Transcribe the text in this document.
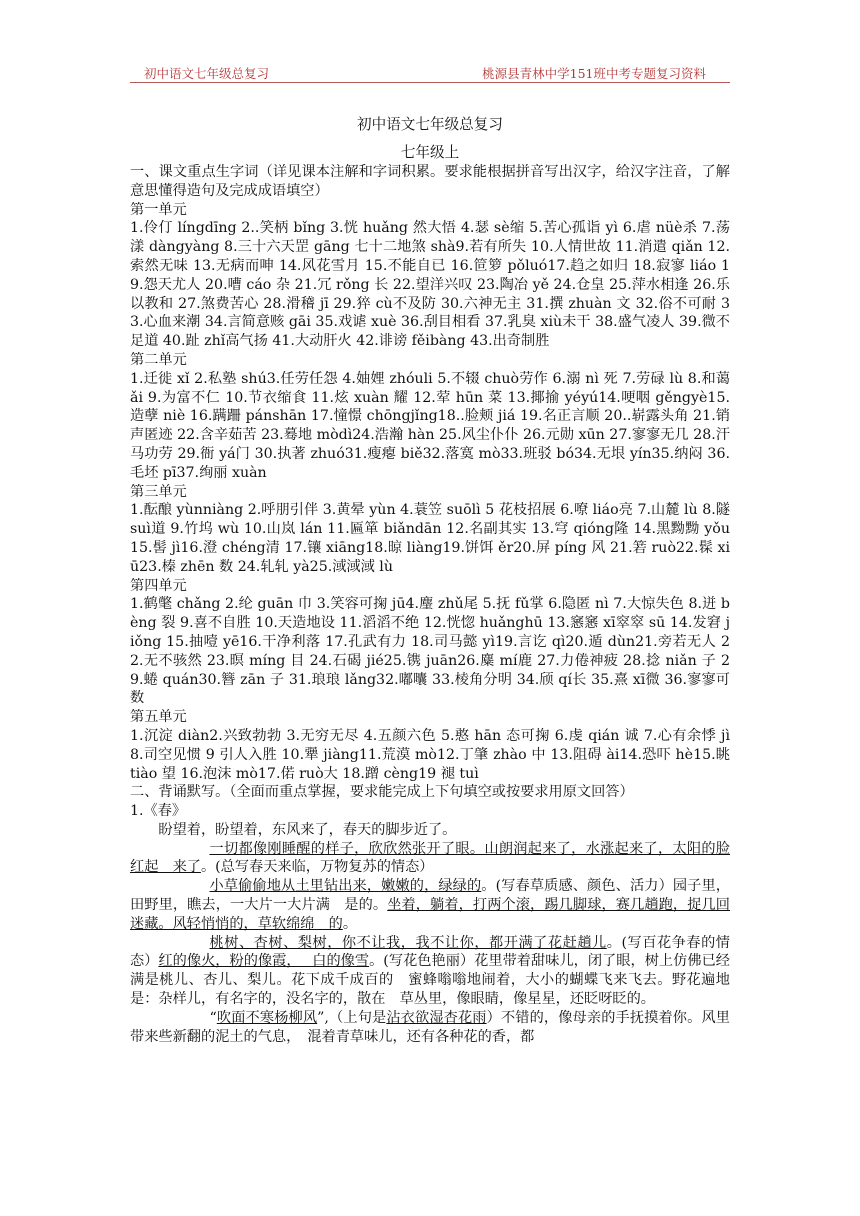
初中语文七年级总复习	桃源县青林中学151班中考专题复习资料
初中语文七年级总复习
七年级上

一、课文重点生字词（详见课本注解和字词积累。要求能根据拼音写出汉字，给汉字注音，了解意思懂得造句及完成成语填空）

第一单元

1.伶仃 língdīng 2..笑柄 bǐng 3.恍 huǎng 然大悟 4.瑟 sè缩 5.苦心孤诣 yì 6.虐 nüè杀 7.荡漾 dàngyàng 8.三十六天罡 gāng 七十二地煞 shà9.若有所失 10.人情世故 11.消遣 qiǎn 12.索然无味 13.无病而呻 14.风花雪月 15.不能自已 16.笸箩 pǒluó17.趋之如归 18.寂寥 liáo 19.怨天尤人 20.嘈 cáo 杂 21.冗 rǒng 长 22.望洋兴叹 23.陶冶 yě 24.仓皇 25.萍水相逢 26.乐以教和 27.煞费苦心 28.滑稽 jī 29.猝 cù不及防 30.六神无主 31.撰 zhuàn 文 32.俗不可耐 33.心血来潮 34.言简意赅 gāi 35.戏谑 xuè 36.刮目相看 37.乳臭 xiù未干 38.盛气凌人 39.微不足道 40.趾 zhǐ高气扬 41.大动肝火 42.诽谤 fěibàng 43.出奇制胜

第二单元

1.迁徙 xǐ 2.私塾 shú3.任劳任怨 4.妯娌 zhóuli 5.不辍 chuò劳作 6.溺 nì 死 7.劳碌 lù 8.和蔼 ǎi 9.为富不仁 10.节衣缩食 11.炫 xuàn 耀 12.荤 hūn 菜 13.揶揄 yéyú14.哽咽 gěngyè15.造孽 niè 16.蹒跚 pánshān 17.憧憬 chōngjǐng18..脸颊 jiá 19.名正言顺 20..崭露头角 21.销声匿迹 22.含辛茹苦 23.蓦地 mòdì24.浩瀚 hàn 25.风尘仆仆 26.元勋 xūn 27.寥寥无几 28.汗马功劳 29.衙 yá门 30.执著 zhuó31.瘦瘪 biě32.落寞 mò33.班驳 bó34.无垠 yín35.纳闷 36.毛坯 pī37.绚丽 xuàn

第三单元

1.酝酿 yùnniàng 2.呼朋引伴 3.黄晕 yùn 4.蓑笠 suōlì 5 花枝招展 6.嘹 liáo亮 7.山麓 lù 8.隧 suì道 9.竹坞 wù 10.山岚 lán 11.匾箪 biǎndān 12.名副其实 13.穹 qióng隆 14.黑黝黝 yǒu 15.髻 jì16.澄 chéng清 17.镶 xiāng18.晾 liàng19.饼饵 ěr20.屏 píng 风 21.箬 ruò22.髹 xiū23.榛 zhēn 数 24.轧轧 yà25.淢淢淢 lù

第四单元

1.鹤氅 chǎng 2.纶 guān 巾 3.笑容可掬 jū4.麈 zhǔ尾 5.抚 fǔ掌 6.隐匿 nì 7.大惊失色 8.迸 bèng 裂 9.喜不自胜 10.天造地设 11.滔滔不绝 12.恍惚 huǎnghū 13.窸窸 xī窣窣 sū 14.发窘 jiǒng 15.抽噎 yē16.干净利落 17.孔武有力 18.司马懿 yì19.言讫 qì20.遁 dùn21.旁若无人 22.无不骇然 23.暝 míng 目 24.石碣 jié25.镌 juān26.麋 mí鹿 27.力倦神疲 28.捻 niǎn 子 29.蜷 quán30.簪 zān 子 31.琅琅 lǎng32.嘟囔 33.棱角分明 34.颀 qí长 35.熹 xī微 36.寥寥可数

第五单元

1.沉淀 diàn2.兴致勃勃 3.无穷无尽 4.五颜六色 5.憨 hān 态可掬 6.虔 qián 诚 7.心有余悸 jì 8.司空见惯 9 引人入胜 10.犟 jiàng11.荒漠 mò12.丁肇 zhào 中 13.阻碍 ài14.恐吓 hè15.眺 tiào 望 16.泡沫 mò17.偌 ruò大 18.蹭 cèng19 褪 tuì

二、背诵默写。（全面而重点掌握，要求能完成上下句填空或按要求用原文回答）

1.《春》

盼望着，盼望着，东风来了，春天的脚步近了。

一切都像刚睡醒的样子，欣欣然张开了眼。山朗润起来了，水涨起来了，太阳的脸红起　来了。(总写春天来临，万物复苏的情态）

小草偷偷地从土里钻出来，嫩嫩的，绿绿的。(写春草质感、颜色、活力）园子里，田野里，瞧去，一大片一大片满　是的。坐着，躺着，打两个滚，踢几脚球，赛几趟跑，捉几回迷藏。风轻悄悄的，草软绵绵　的。

桃树、杏树、梨树，你不让我，我不让你，都开满了花赶趟儿。(写百花争春的情态）红的像火，粉的像霞，　 白的像雪。(写花色艳丽）花里带着甜味儿，闭了眼，树上仿佛已经满是桃儿、杏儿、梨儿。花下成千成百的　蜜蜂嗡嗡地闹着，大小的蝴蝶飞来飞去。野花遍地是：杂样儿，有名字的，没名字的，散在　草丛里，像眼睛，像星星，还眨呀眨的。

“吹面不寒杨柳风”,（上句是沾衣欲湿杏花雨）不错的，像母亲的手抚摸着你。风里带来些新翻的泥土的气息，　混着青草味儿，还有各种花的香，都
